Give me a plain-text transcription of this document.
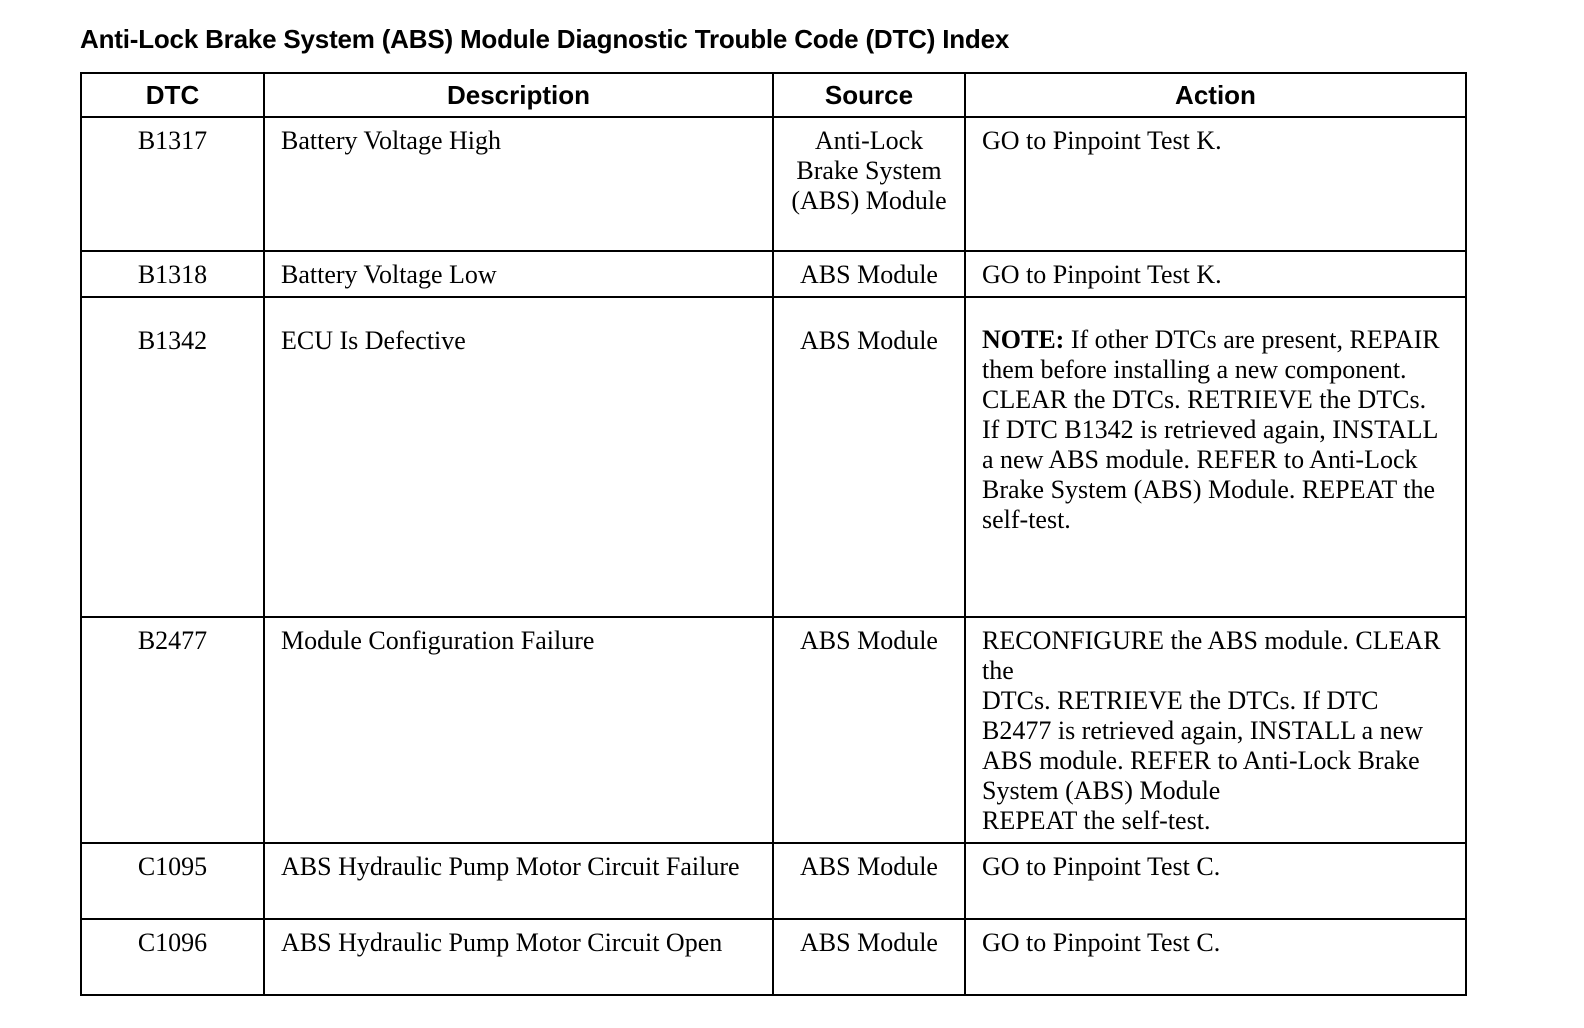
Anti-Lock Brake System (ABS) Module Diagnostic Trouble Code (DTC) Index
DTC	Description	Source	Action
B1317	Battery Voltage High	Anti-Lock Brake System (ABS) Module	GO to Pinpoint Test K.
B1318	Battery Voltage Low	ABS Module	GO to Pinpoint Test K.
B1342	ECU Is Defective	ABS Module	NOTE: If other DTCs are present, REPAIR them before installing a new component.
CLEAR the DTCs. RETRIEVE the DTCs. If DTC B1342 is retrieved again, INSTALL a new ABS module. REFER to Anti-Lock Brake System (ABS) Module. REPEAT the self-test.

B2477	Module Configuration Failure	ABS Module	RECONFIGURE the ABS module. CLEAR the
DTCs. RETRIEVE the DTCs. If DTC B2477 is retrieved again, INSTALL a new ABS module. REFER to Anti-Lock Brake System (ABS) Module
REPEAT the self-test.

C1095	ABS Hydraulic Pump Motor Circuit Failure	ABS Module	GO to Pinpoint Test C.
C1096	ABS Hydraulic Pump Motor Circuit Open	ABS Module	GO to Pinpoint Test C.
